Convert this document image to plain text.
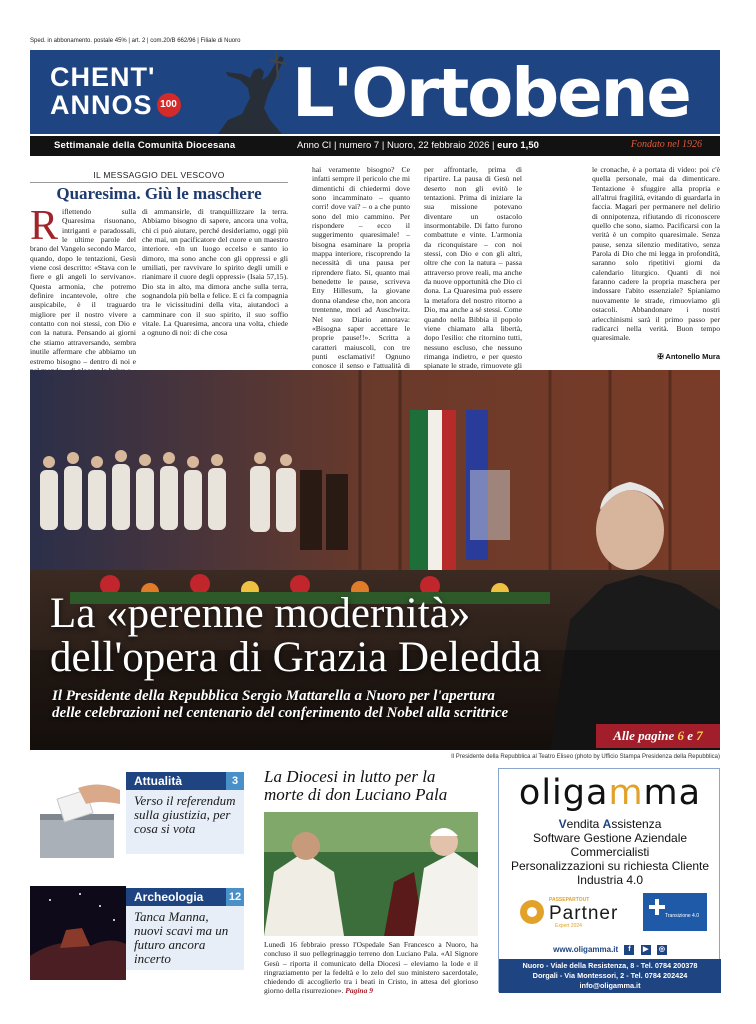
Sped. in abbonamento. postale 45% | art. 2 | com.20/B 662/96 | Filiale di Nuoro
CHENT'
ANNOS 100 L'Ortobene
Settimanale della Comunità Diocesana	Anno CI | numero 7 | Nuoro, 22 febbraio 2026 | euro 1,50	Fondato nel 1926
IL MESSAGGIO DEL VESCOVO
Quaresima. Giù le maschere
Riflettendo sulla Quaresima risuonano, intriganti e paradossali, le ultime parole del brano del Vangelo secondo Marco, quando, dopo le tentazioni, Gesù viene così descritto: «Stava con le fiere e gli angeli lo servivano». Questa armonia, che potremo definire incantevole, oltre che auspicabile, è il traguardo migliore per il nostro vivere a contatto con noi stessi, con Dio e con la natura. Pensando ai giorni che stiamo attraversando, sembra inutile affermare che abbiamo un estremo bisogno – dentro di noi e
di ammansirle, di tranquillizzare la terra. Abbiamo bisogno di sapere, ancora una volta, chi ci può aiutare, perché desideriamo, oggi più che mai, un pacificatore del cuore e un maestro interiore. «In un luogo eccelso e santo io dimoro, ma sono anche con gli oppressi e gli umiliati, per ravvivare lo spirito degli umili e rianimare il cuore degli oppressi» (Isaia 57,15). Dio sta in alto, ma dimora anche sulla terra, sognandola più bella e felice. E ci fa compagnia tra le vicissitudini della vita, aiutandoci a camminare con il suo spirito, il suo soffio vitale. La Quaresima, ancora una volta, chiede a ognuno di noi: di che cosa
hai veramente bisogno? Ce infatti sempre il pericolo che mi dimentichi di chiedermi dove sono incamminato – quanto corri! dove vai? – o a che punto sono del mio cammino. Per rispondere – ecco il suggerimento quaresimale! – bisogna esaminare la propria mappa interiore, riscoprendo la necessità di una pausa per riprendere fiato. Si, quanto mai benedette le pause, scriveva Etty Hillesum, la giovane donna olandese che, non ancora trentenne, morì ad Auschwitz. Nel suo Diario annotava: «Bisogna saper accettare le proprie pause!!». Scritta a caratteri maiuscoli, con tre punti esclamativi! Ognuno conosce il senso e l'attualità di
per affrontarle, prima di ripartire. La pausa di Gesù nel deserto non gli evitò le tentazioni. Prima di iniziare la sua missione potevano diventare un ostacolo insormontabile. Di fatto furono combattute e vinte. L'armonia da riconquistare – con noi stessi, con Dio e con gli altri, oltre che con la natura – passa attraverso prove reali, ma anche da nuove opportunità che Dio ci dona. La Quaresima può essere la metafora del nostro ritorno a Dio, ma anche a sé stessi. Come quando nella Bibbia il popolo viene chiamato alla libertà, dopo l'esilio: che ritornino tutti, nessuno escluso, che nessuno rimanga indietro, e per questo spianate le strade, rimuovete gli
le cronache, è a portata di video: poi c'è quella personale, mai da dimenticare. Tentazione è sfuggire alla propria e all'altrui fragilità, evitando di guardarla in faccia. Magari per permanere nel delirio di onnipotenza, rifiutando di riconoscere quello che sono, siamo. Pacificarsi con la verità è un compito quaresimale. Senza pause, senza silenzio meditativo, senza Parola di Dio che mi legga in profondità, saranno solo ripetitivi giorni da calendario liturgico. Quanti di noi faranno cadere la propria maschera per indossare l'abito essenziale? Spianiamo nuovamente le strade, rimuoviamo gli ostacoli. Abbandonare i nostri arlecchinismi sarà il primo passo per radicarci nella verità. Buon tempo quaresimale.
✠ Antonello Mura
La «perenne modernità»
dell'opera di Grazia Deledda
Il Presidente della Repubblica Sergio Mattarella a Nuoro per l'apertura
delle celebrazioni nel centenario del conferimento del Nobel alla scrittrice
Alle pagine 6 e 7
Il Presidente della Repubblica al Teatro Eliseo (photo by Ufficio Stampa Presidenza della Repubblica)
Attualità	3
Verso il referendum sulla giustizia, per cosa si vota
Archeologia	12
Tanca Manna, nuovi scavi ma un futuro ancora incerto
La Diocesi in lutto per la morte di don Luciano Pala
Lunedì 16 febbraio presso l'Ospedale San Francesco a Nuoro, ha concluso il suo pellegrinaggio terreno don Luciano Pala. «Al Signore Gesù – riporta il comunicato della Diocesi – eleviamo la lode e il ringraziamento per la fedeltà e lo zelo del suo ministero sacerdotale, chiedendo di accoglierlo tra i beati in Cristo, in attesa del glorioso giorno della risurrezione». Pagina 9
oligamma
Vendita Assistenza
Software Gestione Aziendale
Commercialisti
Personalizzazioni su richiesta Cliente
Industria 4.0
PASSEPARTOUT
Partner
Expert 2024
Transizione 4.0
www.oligamma.it f ▶ ◎
Nuoro - Viale della Resistenza, 8 - Tel. 0784 200378
Dorgali - Via Montessori, 2 - Tel. 0784 202424
info@oligamma.it
